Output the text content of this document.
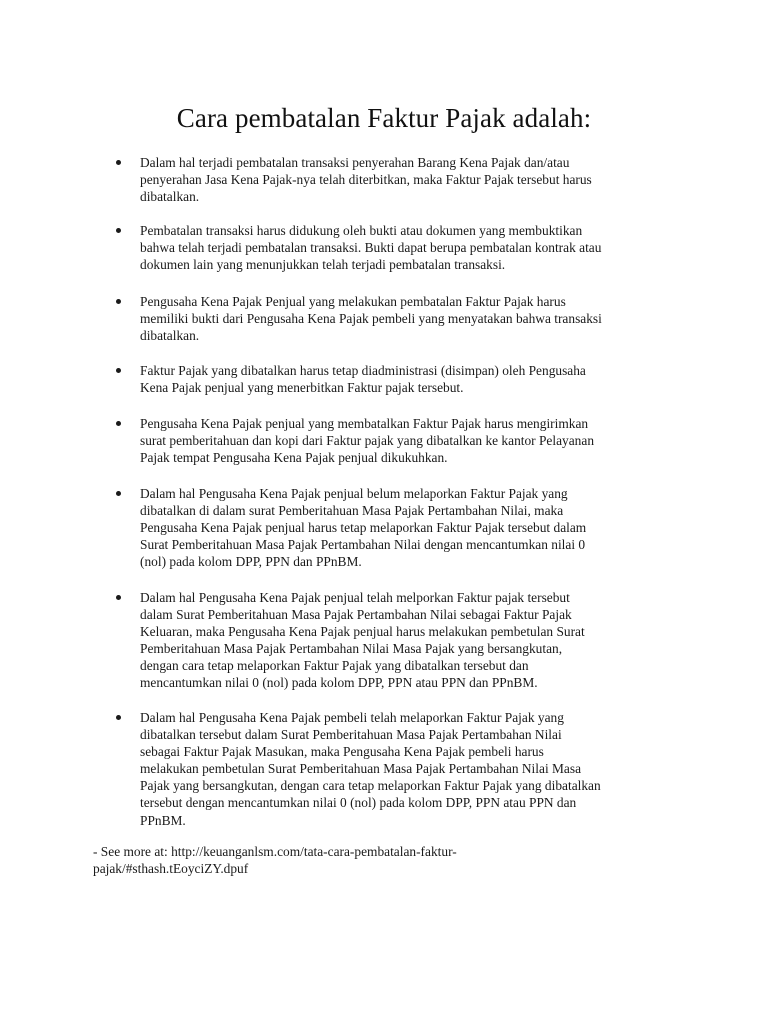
Cara pembatalan Faktur Pajak adalah:
Dalam hal terjadi pembatalan transaksi penyerahan Barang Kena Pajak dan/atau
penyerahan Jasa Kena Pajak-nya telah diterbitkan, maka Faktur Pajak tersebut harus
dibatalkan.
Pembatalan transaksi harus didukung oleh bukti atau dokumen yang membuktikan
bahwa telah terjadi pembatalan transaksi. Bukti dapat berupa pembatalan kontrak atau
dokumen lain yang menunjukkan telah terjadi pembatalan transaksi.
Pengusaha Kena Pajak Penjual yang melakukan pembatalan Faktur Pajak harus
memiliki bukti dari Pengusaha Kena Pajak pembeli yang menyatakan bahwa transaksi
dibatalkan.
Faktur Pajak yang dibatalkan harus tetap diadministrasi (disimpan) oleh Pengusaha
Kena Pajak penjual yang menerbitkan Faktur pajak tersebut.
Pengusaha Kena Pajak penjual yang membatalkan Faktur Pajak harus mengirimkan
surat pemberitahuan dan kopi dari Faktur pajak yang dibatalkan ke kantor Pelayanan
Pajak tempat Pengusaha Kena Pajak penjual dikukuhkan.
Dalam hal Pengusaha Kena Pajak penjual belum melaporkan Faktur Pajak yang
dibatalkan di dalam surat Pemberitahuan Masa Pajak Pertambahan Nilai, maka
Pengusaha Kena Pajak penjual harus tetap melaporkan Faktur Pajak tersebut dalam
Surat Pemberitahuan Masa Pajak Pertambahan Nilai dengan mencantumkan nilai 0
(nol) pada kolom DPP, PPN dan PPnBM.
Dalam hal Pengusaha Kena Pajak penjual telah melporkan Faktur pajak tersebut
dalam Surat Pemberitahuan Masa Pajak Pertambahan Nilai sebagai Faktur Pajak
Keluaran, maka Pengusaha Kena Pajak penjual harus melakukan pembetulan Surat
Pemberitahuan Masa Pajak Pertambahan Nilai Masa Pajak yang bersangkutan,
dengan cara tetap melaporkan Faktur Pajak yang dibatalkan tersebut dan
mencantumkan nilai 0 (nol) pada kolom DPP, PPN atau PPN dan PPnBM.
Dalam hal Pengusaha Kena Pajak pembeli telah melaporkan Faktur Pajak yang
dibatalkan tersebut dalam Surat Pemberitahuan Masa Pajak Pertambahan Nilai
sebagai Faktur Pajak Masukan, maka Pengusaha Kena Pajak pembeli harus
melakukan pembetulan Surat Pemberitahuan Masa Pajak Pertambahan Nilai Masa
Pajak yang bersangkutan, dengan cara tetap melaporkan Faktur Pajak yang dibatalkan
tersebut dengan mencantumkan nilai 0 (nol) pada kolom DPP, PPN atau PPN dan
PPnBM.
- See more at: http://keuanganlsm.com/tata-cara-pembatalan-faktur-
pajak/#sthash.tEoyciZY.dpuf
